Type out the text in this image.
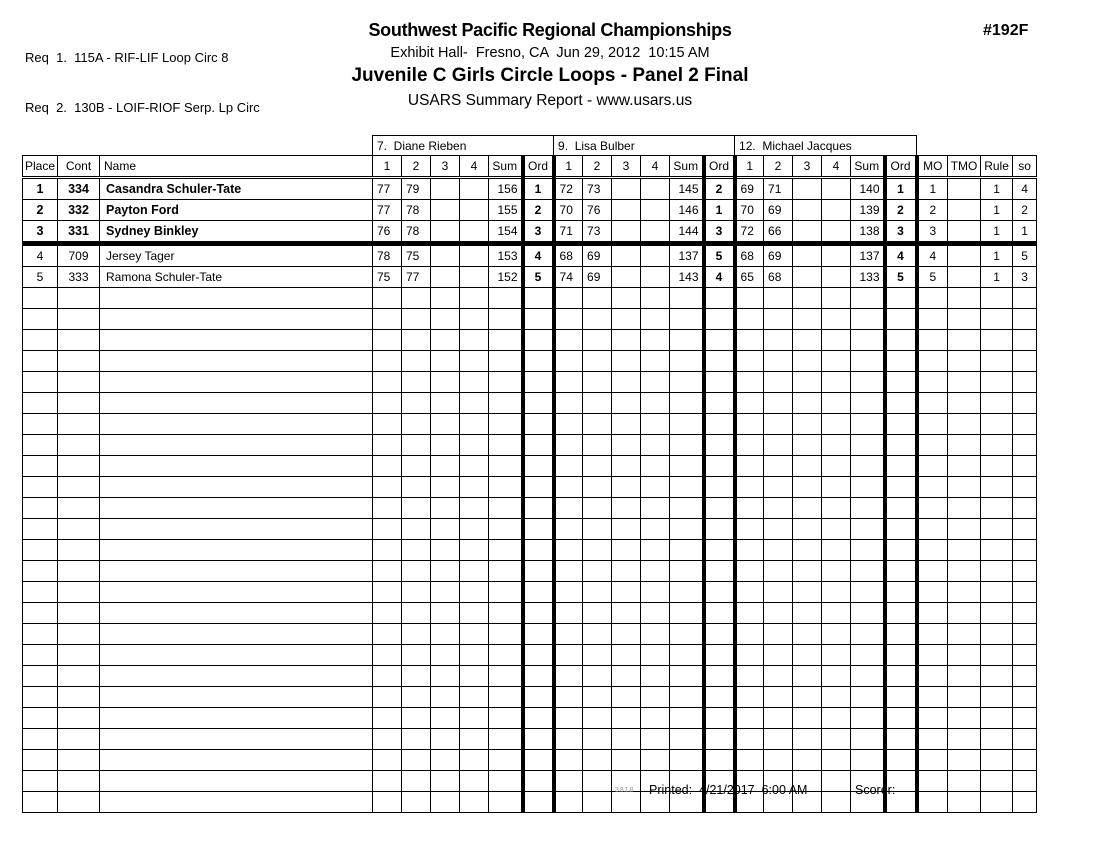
Req  1.  115A - RIF-LIF Loop Circ 8

Req  2.  130B - LOIF-RIOF Serp. Lp Circ

Southwest Pacific Regional Championships
Exhibit Hall-  Fresno, CA  Jun 29, 2012  10:15 AM
Juvenile C Girls Circle Loops - Panel 2 Final
USARS Summary Report - www.usars.us
#192F
			7.  Diane Rieben						9.  Lisa Bulber						12.  Michael Jacques									
Place	Cont	Name	1	2	3	4	Sum	Ord	1	2	3	4	Sum	Ord	1	2	3	4	Sum	Ord	MO	TMO	Rule	so
1	334	Casandra Schuler-Tate	77	79			156	1	72	73			145	2	69	71			140	1	1		1	4
2	332	Payton Ford	77	78			155	2	70	76			146	1	70	69			139	2	2		1	2
3	331	Sydney Binkley	76	78			154	3	71	73			144	3	72	66			138	3	3		1	1
4	709	Jersey Tager	78	75			153	4	68	69			137	5	68	69			137	4	4		1	5
5	333	Ramona Schuler-Tate	75	77			152	5	74	69			143	4	65	68			133	5	5		1	3

3.8.1.8 Printed:  4/21/2017  6:00 AM	Scorer:
